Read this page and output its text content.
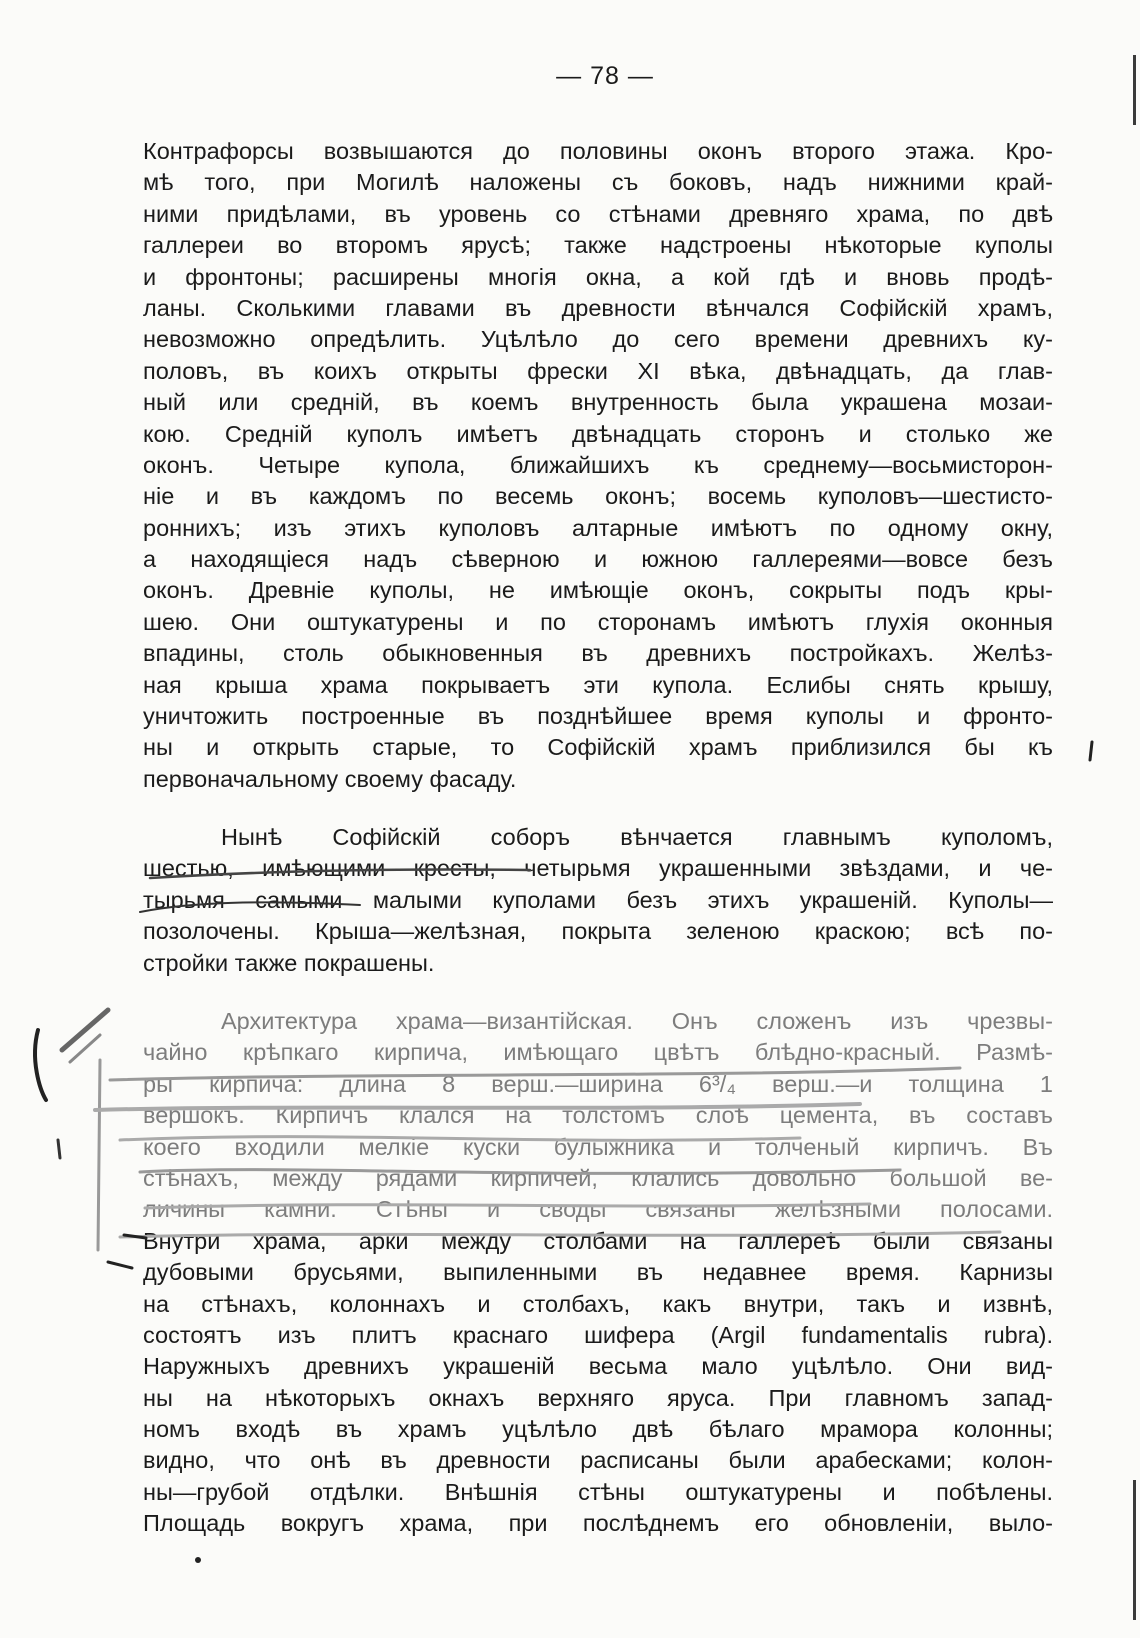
— 78 —
Контрафорсы возвышаются до половины оконъ второго этажа. Кро-
мѣ того, при Могилѣ наложены съ боковъ, надъ нижними край-
ними придѣлами, въ уровень со стѣнами древняго храма, по двѣ
галлереи во второмъ ярусѣ; также надстроены нѣкоторые куполы
и фронтоны; расширены многія окна, а кой гдѣ и вновь продѣ-
ланы. Сколькими главами въ древности вѣнчался Софійскій храмъ,
невозможно опредѣлить. Уцѣлѣло до сего времени древнихъ ку-
половъ, въ коихъ открыты фрески XI вѣка, двѣнадцать, да глав-
ный или средній, въ коемъ внутренность была украшена мозаи-
кою. Средній куполъ имѣетъ двѣнадцать сторонъ и столько же
оконъ. Четыре купола, ближайшихъ къ среднему—восьмисторон-
ніе и въ каждомъ по весемь оконъ; восемь куполовъ—шестисто-
роннихъ; изъ этихъ куполовъ алтарные имѣютъ по одному окну,
а находящіеся надъ сѣверною и южною галлереями—вовсе безъ
оконъ. Древніе куполы, не имѣющіе оконъ, сокрыты подъ кры-
шею. Они оштукатурены и по сторонамъ имѣютъ глухія оконныя
впадины, столь обыкновенныя въ древнихъ постройкахъ. Желѣз-
ная крыша храма покрываетъ эти купола. Еслибы снять крышу,
уничтожить построенные въ позднѣйшее время куполы и фронто-
ны и открыть старые, то Софійскій храмъ приблизился бы къ
первоначальному своему фасаду.
Нынѣ Софійскій соборъ вѣнчается главнымъ куполомъ,
шестью, имѣющими кресты, четырьмя украшенными звѣздами, и че-
тырьмя самыми малыми куполами безъ этихъ украшеній. Куполы—
позолочены. Крыша—желѣзная, покрыта зеленою краскою; всѣ по-
стройки также покрашены.
Архитектура храма—византійская. Онъ сложенъ изъ чрезвы-
чайно крѣпкаго кирпича, имѣющаго цвѣтъ блѣдно-красный. Размѣ-
ры кирпича: длина 8 верш.—ширина 6³/₄ верш.—и толщина 1
вершокъ. Кирпичъ клался на толстомъ слоѣ цемента, въ составъ
коего входили мелкіе куски булыжника и толченый кирпичъ. Въ
стѣнахъ, между рядами кирпичей, клались довольно большой ве-
личины камни. Стѣны и своды связаны желѣзными полосами.
Внутри храма, арки между столбами на галлереѣ были связаны
дубовыми брусьями, выпиленными въ недавнее время. Карнизы
на стѣнахъ, колоннахъ и столбахъ, какъ внутри, такъ и извнѣ,
состоятъ изъ плитъ краснаго шифера (Argil fundamentalis rubra).
Наружныхъ древнихъ украшеній весьма мало уцѣлѣло. Они вид-
ны на нѣкоторыхъ окнахъ верхняго яруса. При главномъ запад-
номъ входѣ въ храмъ уцѣлѣло двѣ бѣлаго мрамора колонны;
видно, что онѣ въ древности расписаны были арабесками; колон-
ны—грубой отдѣлки. Внѣшнія стѣны оштукатурены и побѣлены.
Площадь вокругъ храма, при послѣднемъ его обновленіи, выло-
